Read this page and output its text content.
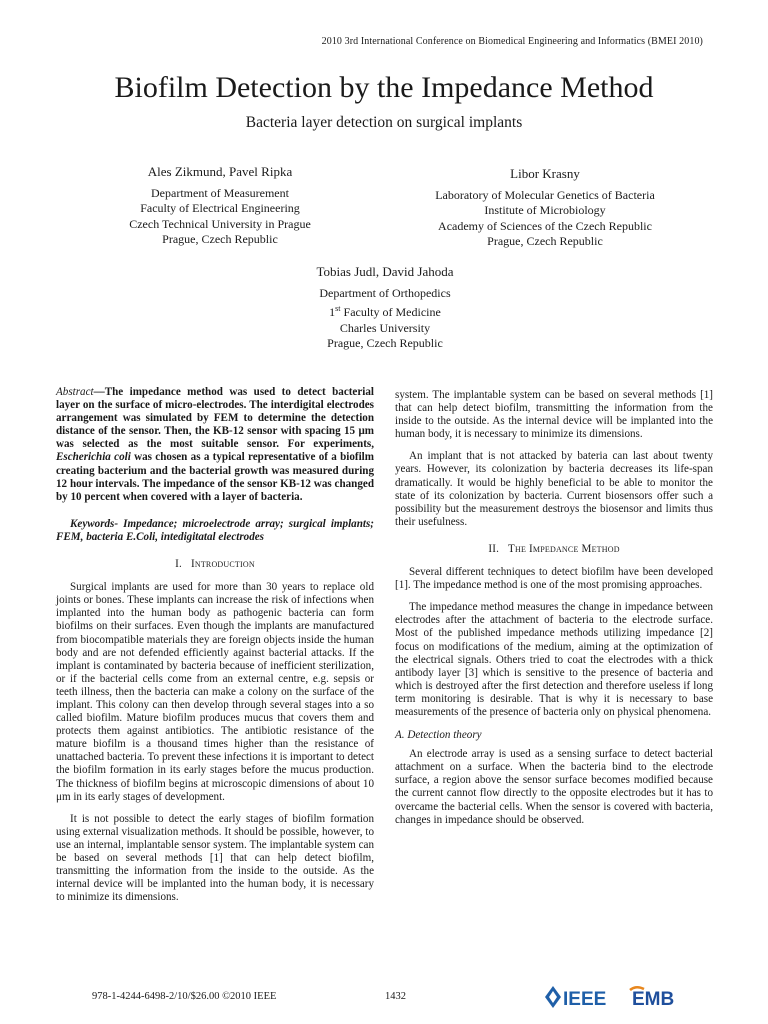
2010 3rd International Conference on Biomedical Engineering and Informatics (BMEI 2010)
Biofilm Detection by the Impedance Method
Bacteria layer detection on surgical implants
Ales Zikmund, Pavel Ripka
Department of Measurement
Faculty of Electrical Engineering
Czech Technical University in Prague
Prague, Czech Republic
Libor Krasny
Laboratory of Molecular Genetics of Bacteria
Institute of Microbiology
Academy of Sciences of the Czech Republic
Prague, Czech Republic
Tobias Judl, David Jahoda
Department of Orthopedics
1st Faculty of Medicine
Charles University
Prague, Czech Republic

Abstract—The impedance method was used to detect bacterial layer on the surface of micro-electrodes. The interdigital electrodes arrangement was simulated by FEM to determine the detection distance of the sensor. Then, the KB-12 sensor with spacing 15 μm was selected as the most suitable sensor. For experiments, Escherichia coli was chosen as a typical representative of a biofilm creating bacterium and the bacterial growth was measured during 12 hour intervals. The impedance of the sensor KB-12 was changed by 10 percent when covered with a layer of bacteria.

Keywords- Impedance; microelectrode array; surgical implants; FEM, bacteria E.Coli, intedigitatal electrodes

I. Introduction

Surgical implants are used for more than 30 years to replace old joints or bones. These implants can increase the risk of infections when implanted into the human body as pathogenic bacteria can form biofilms on their surfaces. Even though the implants are manufactured from biocompatible materials they are foreign objects inside the human body and are not defended efficiently against bacterial attacks. If the implant is contaminated by bacteria because of inefficient sterilization, or if the bacterial cells come from an external centre, e.g. sepsis or teeth illness, then the bacteria can make a colony on the surface of the implant. This colony can then develop through several stages into a so called biofilm. Mature biofilm produces mucus that covers them and protects them against antibiotics. The antibiotic resistance of the mature biofilm is a thousand times higher than the resistance of unattached bacteria. To prevent these infections it is important to detect the biofilm formation in its early stages before the mucus production. The thickness of biofilm begins at microscopic dimensions of about 10 μm in its early stages of development.

It is not possible to detect the early stages of biofilm formation using external visualization methods. It should be possible, however, to use an internal, implantable sensor system. The implantable system can be based on several methods [1] that can help detect biofilm, transmitting the information from the inside to the outside. As the internal device will be implanted into the human body, it is necessary to minimize its dimensions.

system. The implantable system can be based on several methods [1] that can help detect biofilm, transmitting the information from the inside to the outside. As the internal device will be implanted into the human body, it is necessary to minimize its dimensions.

An implant that is not attacked by bateria can last about twenty years. However, its colonization by bacteria decreases its life-span dramatically. It would be highly beneficial to be able to monitor the state of its colonization by bacteria. Current biosensors offer such a possibility but the measurement destroys the biosensor and limits thus their usefulness.

II. The Impedance Method

Several different techniques to detect biofilm have been developed [1]. The impedance method is one of the most promising approaches.

The impedance method measures the change in impedance between electrodes after the attachment of bacteria to the electrode surface. Most of the published impedance methods utilizing impedance [2] focus on modifications of the medium, aiming at the optimization of the electrical signals. Others tried to coat the electrodes with a thick antibody layer [3] which is sensitive to the presence of bacteria and which is destroyed after the first detection and therefore useless if long term monitoring is desirable. That is why it is necessary to base measurements of the presence of bacteria only on physical phenomena.

A. Detection theory

An electrode array is used as a sensing surface to detect bacterial attachment on a surface. When the bacteria bind to the electrode surface, a region above the sensor surface becomes modified because the current cannot flow directly to the opposite electrodes but it has to overcame the bacterial cells. When the sensor is covered with bacteria, changes in impedance should be observed.

978-1-4244-6498-2/10/$26.00 ©2010 IEEE	1432	IEEE EMB
